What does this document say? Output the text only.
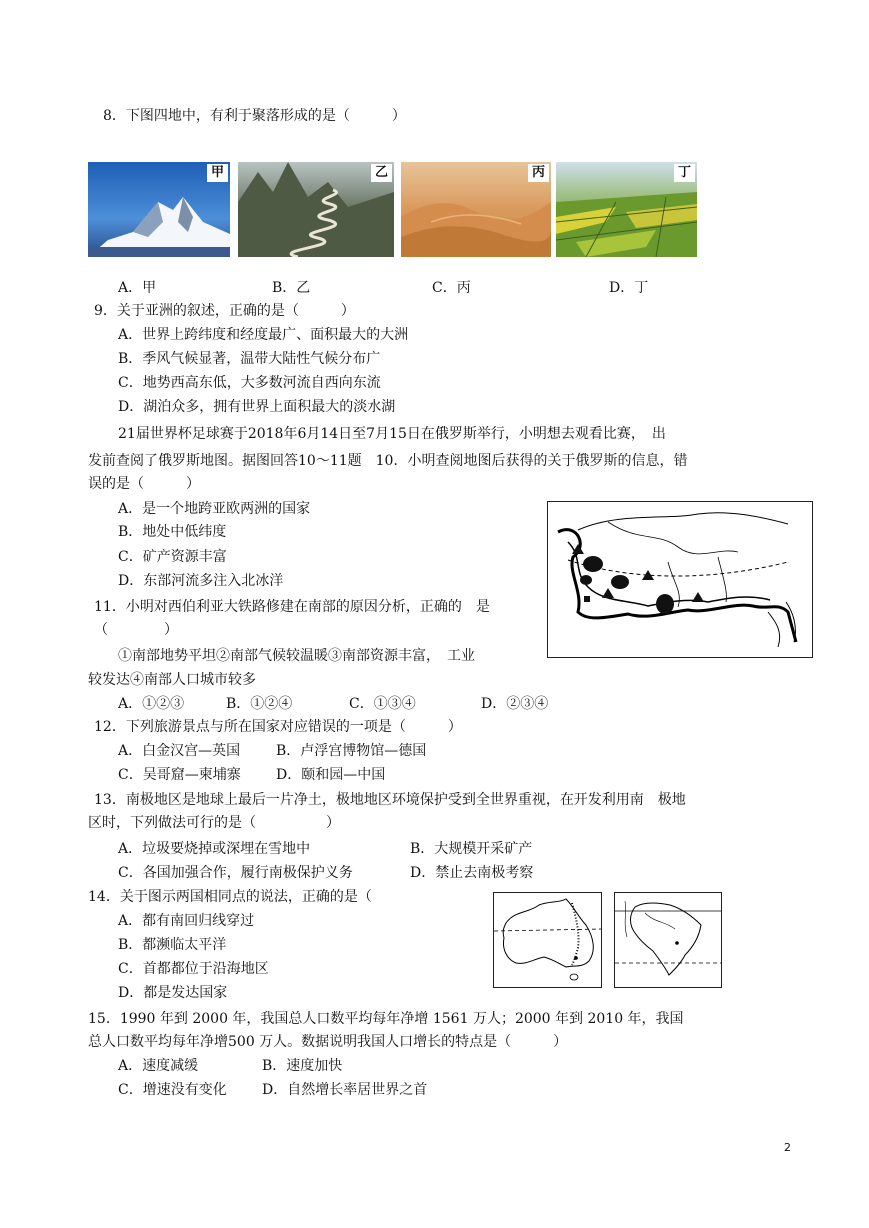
8．下图四地中，有利于聚落形成的是（　　　）
甲	乙	丙	丁
A．甲	B．乙	C．丙	D．丁
9．关于亚洲的叙述，正确的是（　　　）
A．世界上跨纬度和经度最广、面积最大的大洲
B．季风气候显著，温带大陆性气候分布广
C．地势西高东低，大多数河流自西向东流
D．湖泊众多，拥有世界上面积最大的淡水湖
21届世界杯足球赛于2018年6月14日至7月15日在俄罗斯举行，小明想去观看比赛，　出
发前查阅了俄罗斯地图。据图回答10～11题　10．小明查阅地图后获得的关于俄罗斯的信息，错
误的是（　　　）
A．是一个地跨亚欧两洲的国家
B．地处中低纬度
C．矿产资源丰富
D．东部河流多注入北冰洋
11．小明对西伯利亚大铁路修建在南部的原因分析，正确的　是
（　　　　）
①南部地势平坦②南部气候较温暖③南部资源丰富，　工业
较发达④南部人口城市较多
A．①②③	B．①②④	C．①③④	D．②③④
12．下列旅游景点与所在国家对应错误的一项是（　　　）
A．白金汉宫—英国	B．卢浮宫博物馆—德国
C．吴哥窟—柬埔寨	D．颐和园—中国
13．南极地区是地球上最后一片净土，极地地区环境保护受到全世界重视，在开发利用南　极地
区时，下列做法可行的是（　　　　　）
A．垃圾要烧掉或深埋在雪地中	B．大规模开采矿产
C．各国加强合作，履行南极保护义务	D．禁止去南极考察
14．关于图示两国相同点的说法，正确的是（
A．都有南回归线穿过
B．都濒临太平洋
C．首都都位于沿海地区
D．都是发达国家
15．1990 年到 2000 年，我国总人口数平均每年净增 1561 万人；2000 年到 2010 年，我国
总人口数平均每年净增500 万人。数据说明我国人口增长的特点是（　　　）
A．速度减缓	B．速度加快
C．增速没有变化	D．自然增长率居世界之首
2
